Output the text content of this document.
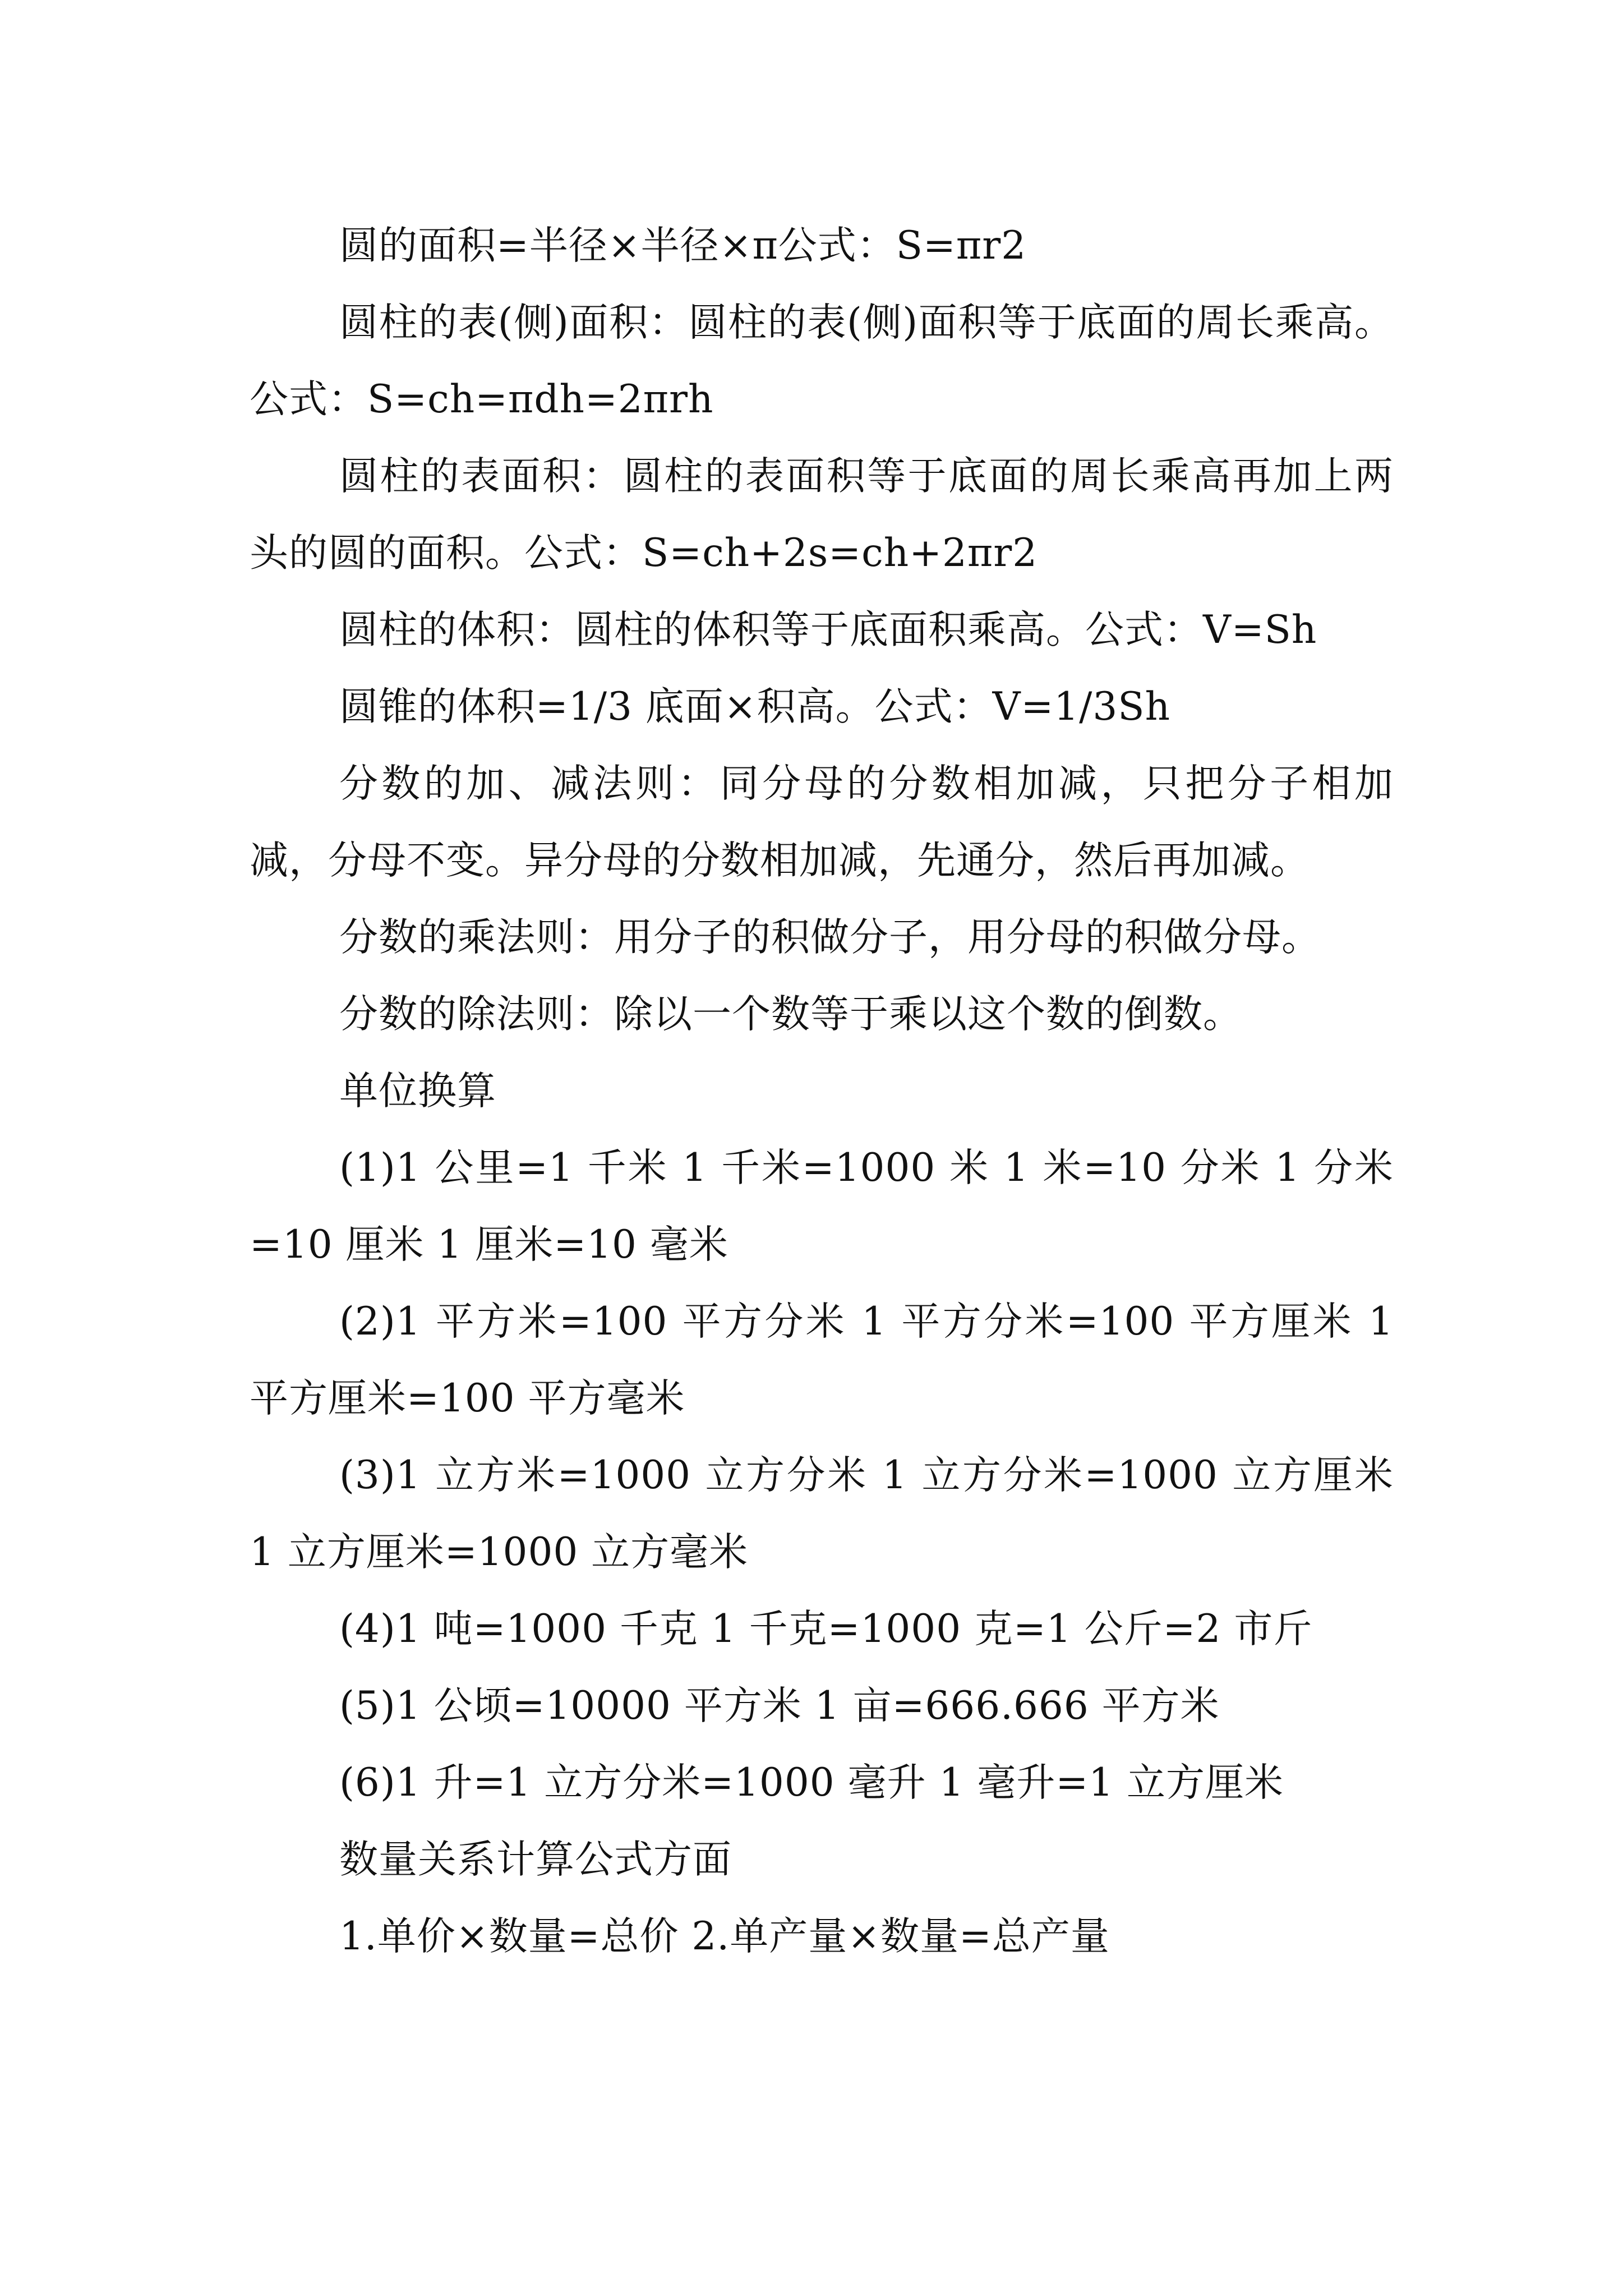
圆的面积=半径×半径×π公式：S=πr2

圆柱的表(侧)面积：圆柱的表(侧)面积等于底面的周长乘高。公式：S=ch=πdh=2πrh

圆柱的表面积：圆柱的表面积等于底面的周长乘高再加上两头的圆的面积。公式：S=ch+2s=ch+2πr2

圆柱的体积：圆柱的体积等于底面积乘高。公式：V=Sh

圆锥的体积=1/3 底面×积高。公式：V=1/3Sh

分数的加、减法则：同分母的分数相加减，只把分子相加减，分母不变。异分母的分数相加减，先通分，然后再加减。

分数的乘法则：用分子的积做分子，用分母的积做分母。

分数的除法则：除以一个数等于乘以这个数的倒数。

单位换算

(1)1 公里=1 千米 1 千米=1000 米 1 米=10 分米 1 分米=10 厘米 1 厘米=10 毫米

(2)1 平方米=100 平方分米 1 平方分米=100 平方厘米 1 平方厘米=100 平方毫米

(3)1 立方米=1000 立方分米 1 立方分米=1000 立方厘米 1 立方厘米=1000 立方毫米

(4)1 吨=1000 千克 1 千克=1000 克=1 公斤=2 市斤

(5)1 公顷=10000 平方米 1 亩=666.666 平方米

(6)1 升=1 立方分米=1000 毫升 1 毫升=1 立方厘米

数量关系计算公式方面

1.单价×数量=总价 2.单产量×数量=总产量
